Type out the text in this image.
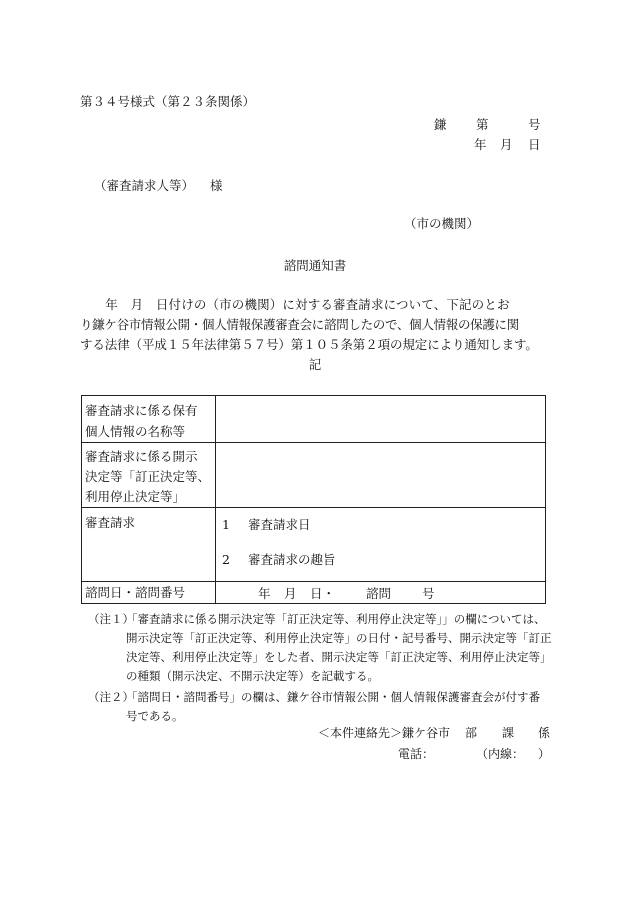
第３４号様式（第２３条関係）
鎌 第	号
年 月 日
（審査請求人等） 様
（市の機関）
諮問通知書
　　年　月　日付けの（市の機関）に対する審査請求について、下記のとお
り鎌ケ谷市情報公開・個人情報保護審査会に諮問したので、個人情報の保護に関
する法律（平成１５年法律第５７号）第１０５条第２項の規定により通知します。
記
審査請求に係る保有
個人情報の名称等	

審査請求に係る開示
決定等「訂正決定等、
利用停止決定等」	

審査請求	1 審査請求日
2 審査請求の趣旨

諮問日・諮問番号	年 月 日・ 諮問 号
（注１）
「審査請求に係る開示決定等「訂正決定等、利用停止決定等」」の欄については、
開示決定等「訂正決定等、利用停止決定等」の日付・記号番号、開示決定等「訂正
決定等、利用停止決定等」をした者、開示決定等「訂正決定等、利用停止決定等」
の種類（開示決定、不開示決定等）を記載する。
（注２）
「諮問日・諮問番号」の欄は、鎌ケ谷市情報公開・個人情報保護審査会が付す番
号である。
＜本件連絡先＞鎌ケ谷市 部 課 係
電話：	（内線： ）
